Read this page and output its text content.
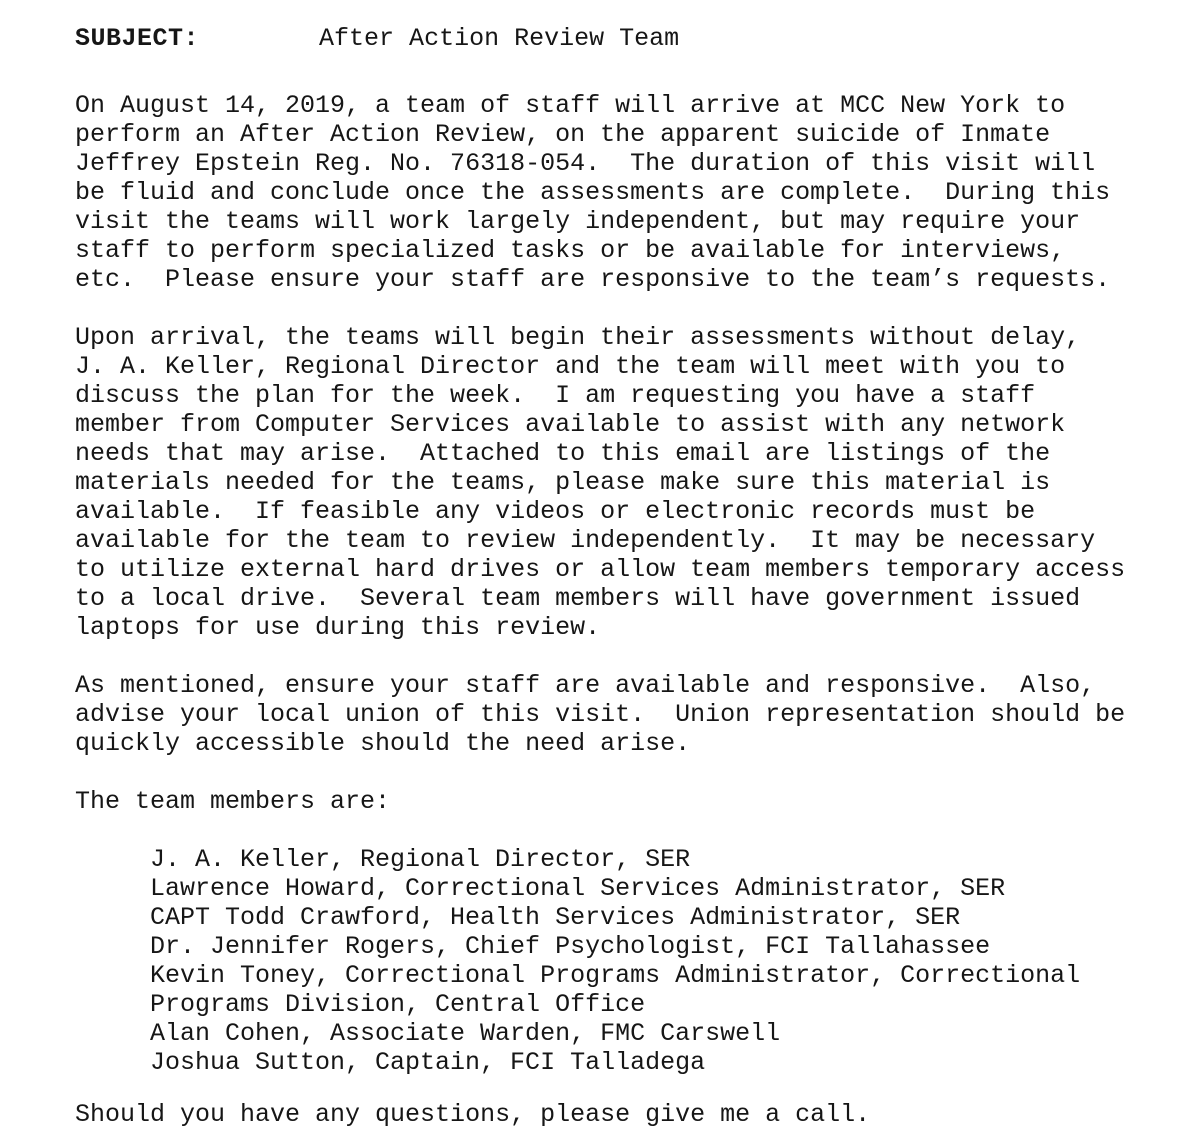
SUBJECT:	After Action Review Team
On August 14, 2019, a team of staff will arrive at MCC New York to
perform an After Action Review, on the apparent suicide of Inmate
Jeffrey Epstein Reg. No. 76318-054.  The duration of this visit will
be fluid and conclude once the assessments are complete.  During this
visit the teams will work largely independent, but may require your
staff to perform specialized tasks or be available for interviews,
etc.  Please ensure your staff are responsive to the team’s requests.
Upon arrival, the teams will begin their assessments without delay,
J. A. Keller, Regional Director and the team will meet with you to
discuss the plan for the week.  I am requesting you have a staff
member from Computer Services available to assist with any network
needs that may arise.  Attached to this email are listings of the
materials needed for the teams, please make sure this material is
available.  If feasible any videos or electronic records must be
available for the team to review independently.  It may be necessary
to utilize external hard drives or allow team members temporary access
to a local drive.  Several team members will have government issued
laptops for use during this review.
As mentioned, ensure your staff are available and responsive.  Also,
advise your local union of this visit.  Union representation should be
quickly accessible should the need arise.
The team members are:
J. A. Keller, Regional Director, SER
Lawrence Howard, Correctional Services Administrator, SER
CAPT Todd Crawford, Health Services Administrator, SER
Dr. Jennifer Rogers, Chief Psychologist, FCI Tallahassee
Kevin Toney, Correctional Programs Administrator, Correctional
Programs Division, Central Office
Alan Cohen, Associate Warden, FMC Carswell
Joshua Sutton, Captain, FCI Talladega
Should you have any questions, please give me a call.
